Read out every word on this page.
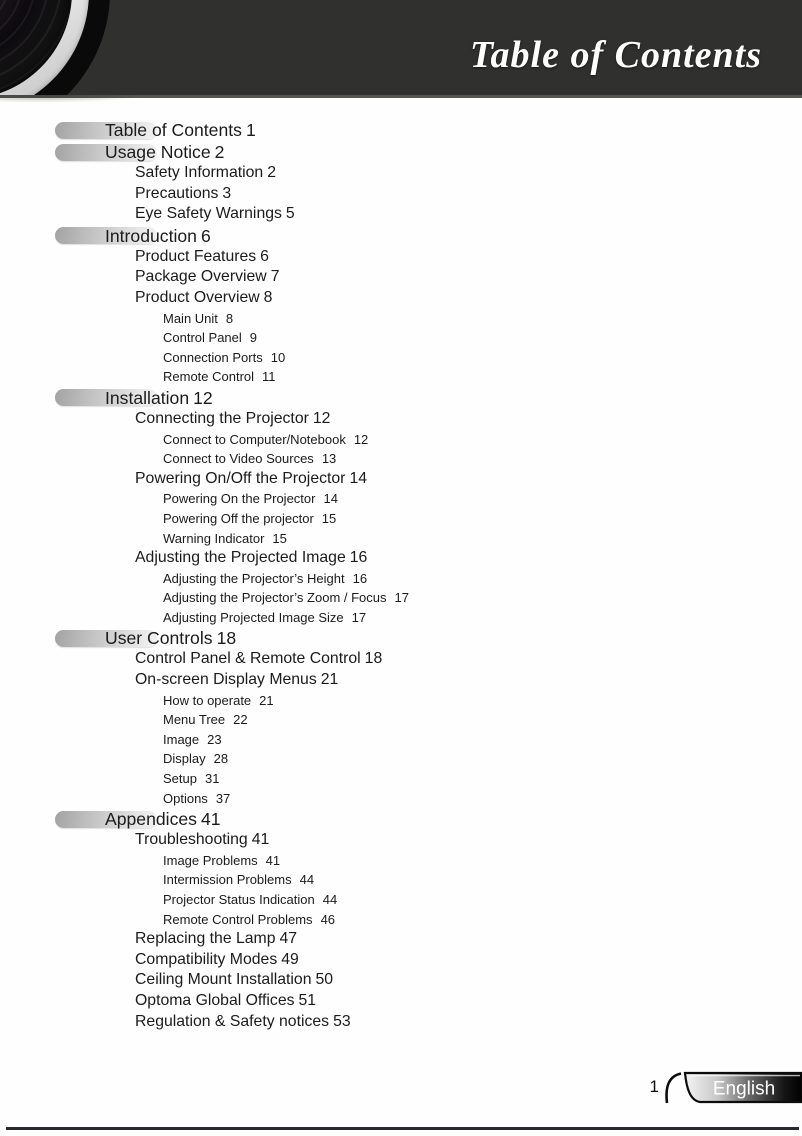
Table of Contents
Table of Contents 1
Usage Notice 2
Safety Information 2
Precautions 3
Eye Safety Warnings 5
Introduction 6
Product Features 6
Package Overview 7
Product Overview 8
Main Unit 8
Control Panel 9
Connection Ports 10
Remote Control 11
Installation 12
Connecting the Projector 12
Connect to Computer/Notebook 12
Connect to Video Sources 13
Powering On/Off the Projector 14
Powering On the Projector 14
Powering Off the projector 15
Warning Indicator 15
Adjusting the Projected Image 16
Adjusting the Projector’s Height 16
Adjusting the Projector’s Zoom / Focus 17
Adjusting Projected Image Size 17
User Controls 18
Control Panel & Remote Control 18
On-screen Display Menus 21
How to operate 21
Menu Tree 22
Image 23
Display 28
Setup 31
Options 37
Appendices 41
Troubleshooting 41
Image Problems 41
Intermission Problems 44
Projector Status Indication 44
Remote Control Problems 46
Replacing the Lamp 47
Compatibility Modes 49
Ceiling Mount Installation 50
Optoma Global Offices 51
Regulation & Safety notices 53
1	English
